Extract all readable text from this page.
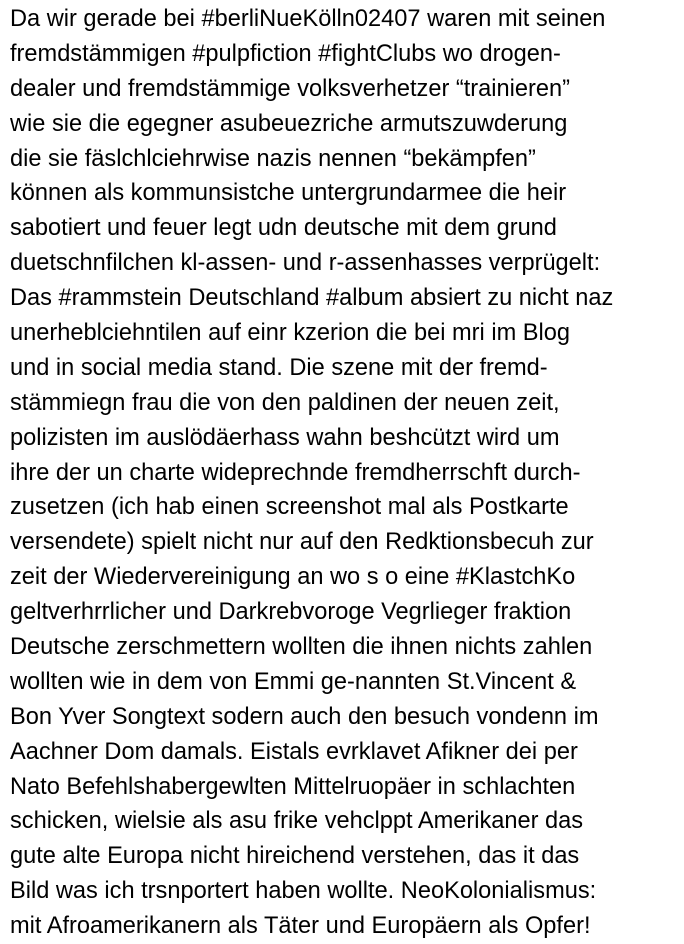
Da wir gerade bei #berliNueKölln02407 waren mit seinen
fremdstämmigen #pulpfiction #fightClubs wo drogen-
dealer und fremdstämmige volksverhetzer “trainieren”
wie sie die egegner asubeuezriche armutszuwderung
die sie fäslchlciehrwise nazis nennen “bekämpfen”
können als kommunsistche untergrundarmee die heir
sabotiert und feuer legt udn deutsche mit dem grund
duetschnfilchen kl-assen- und r-assenhasses verprügelt:
Das #rammstein Deutschland #album absiert zu nicht naz
unerheblciehntilen auf einr kzerion die bei mri im Blog
und in social media stand. Die szene mit der fremd-
stämmiegn frau die von den paldinen der neuen zeit,
polizisten im auslödäerhass wahn beshcützt wird um
ihre der un charte wideprechnde fremdherrschft durch-
zusetzen (ich hab einen screenshot mal als Postkarte
versendete) spielt nicht nur auf den Redktionsbecuh zur
zeit der Wiedervereinigung an wo s o eine #KlastchKo
geltverhrrlicher und Darkrebvoroge Vegrlieger fraktion
Deutsche zerschmettern wollten die ihnen nichts zahlen
wollten wie in dem von Emmi ge-nannten St.Vincent &
Bon Yver Songtext sodern auch den besuch vondenn im
Aachner Dom damals. Eistals evrklavet Afikner dei per
Nato Befehlshabergewlten Mittelruopäer in schlachten
schicken, wielsie als asu frike vehclppt Amerikaner das
gute alte Europa nicht hireichend verstehen, das it das
Bild was ich trsnportert haben wollte. NeoKolonialismus:
mit Afroamerikanern als Täter und Europäern als Opfer!
